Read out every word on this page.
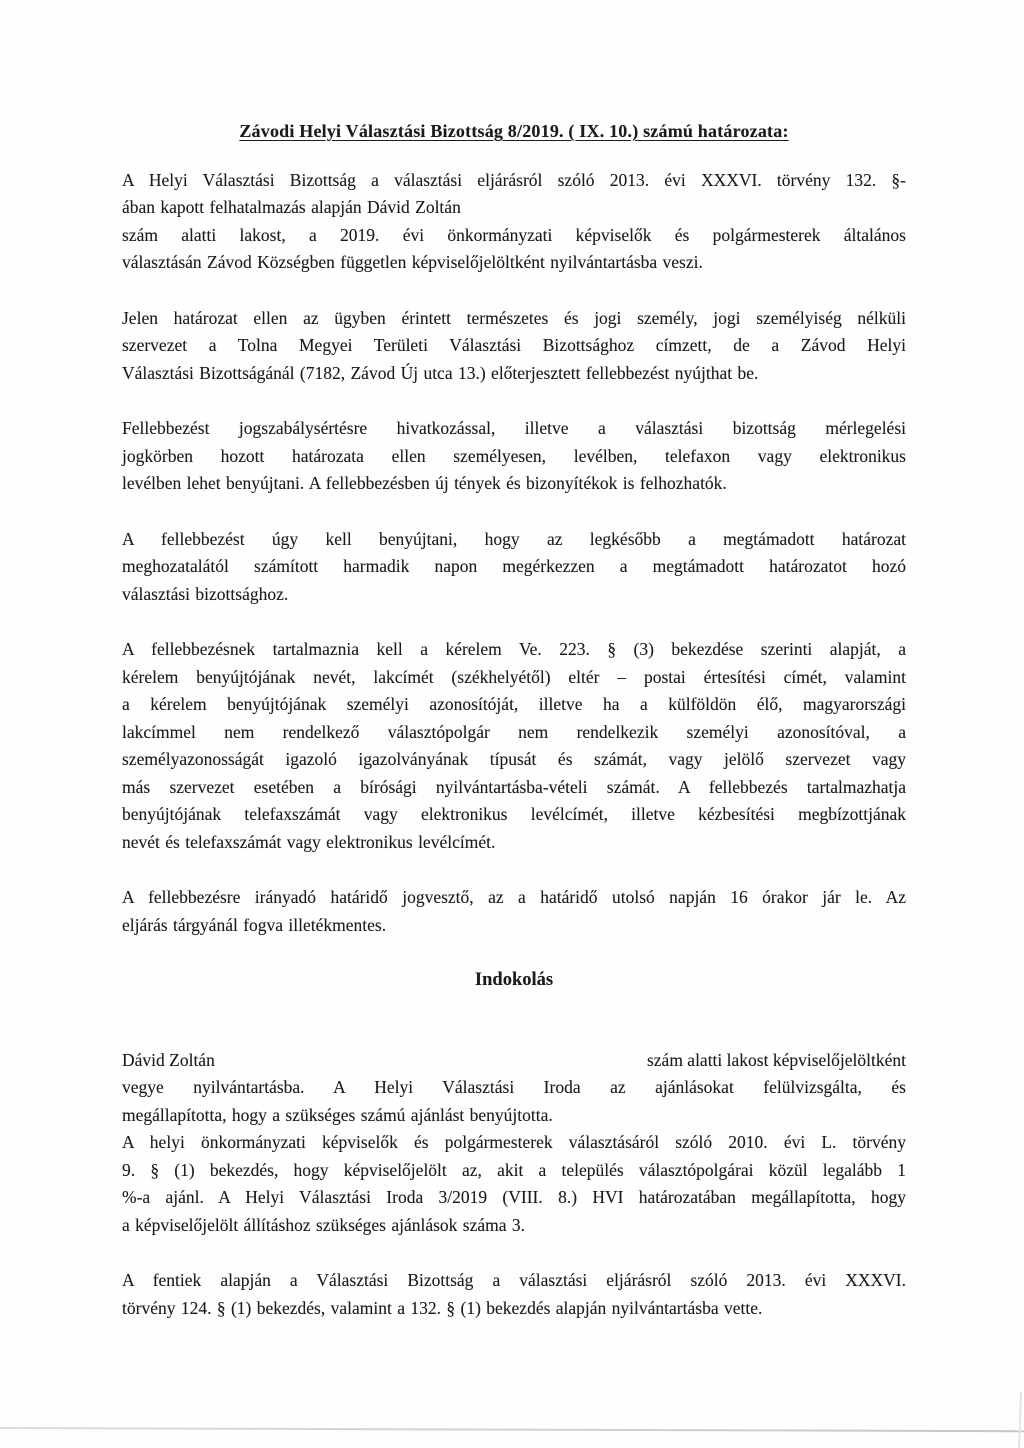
Závodi Helyi Választási Bizottság 8/2019. ( IX. 10.) számú határozata:
A Helyi Választási Bizottság a választási eljárásról szóló 2013. évi XXXVI. törvény 132. §-
ában kapott felhatalmazás alapján Dávid Zoltán
szám alatti lakost, a 2019. évi önkormányzati képviselők és polgármesterek általános
választásán Závod Községben független képviselőjelöltként nyilvántartásba veszi.
Jelen határozat ellen az ügyben érintett természetes és jogi személy, jogi személyiség nélküli
szervezet a Tolna Megyei Területi Választási Bizottsághoz címzett, de a Závod Helyi
Választási Bizottságánál (7182, Závod Új utca 13.) előterjesztett fellebbezést nyújthat be.
Fellebbezést jogszabálysértésre hivatkozással, illetve a választási bizottság mérlegelési
jogkörben hozott határozata ellen személyesen, levélben, telefaxon vagy elektronikus
levélben lehet benyújtani. A fellebbezésben új tények és bizonyítékok is felhozhatók.
A fellebbezést úgy kell benyújtani, hogy az legkésőbb a megtámadott határozat
meghozatalától számított harmadik napon megérkezzen a megtámadott határozatot hozó
választási bizottsághoz.
A fellebbezésnek tartalmaznia kell a kérelem Ve. 223. § (3) bekezdése szerinti alapját, a
kérelem benyújtójának nevét, lakcímét (székhelyétől) eltér – postai értesítési címét, valamint
a kérelem benyújtójának személyi azonosítóját, illetve ha a külföldön élő, magyarországi
lakcímmel nem rendelkező választópolgár nem rendelkezik személyi azonosítóval, a
személyazonosságát igazoló igazolványának típusát és számát, vagy jelölő szervezet vagy
más szervezet esetében a bírósági nyilvántartásba-vételi számát. A fellebbezés tartalmazhatja
benyújtójának telefaxszámát vagy elektronikus levélcímét, illetve kézbesítési megbízottjának
nevét és telefaxszámát vagy elektronikus levélcímét.
A fellebbezésre irányadó határidő jogvesztő, az a határidő utolsó napján 16 órakor jár le. Az
eljárás tárgyánál fogva illetékmentes.
Indokolás
Dávid Zoltán	szám alatti lakost képviselőjelöltként
vegye nyilvántartásba. A Helyi Választási Iroda az ajánlásokat felülvizsgálta, és
megállapította, hogy a szükséges számú ajánlást benyújtotta.
A helyi önkormányzati képviselők és polgármesterek választásáról szóló 2010. évi L. törvény
9. § (1) bekezdés, hogy képviselőjelölt az, akit a település választópolgárai közül legalább 1
%-a ajánl. A Helyi Választási Iroda 3/2019 (VIII. 8.) HVI határozatában megállapította, hogy
a képviselőjelölt állításhoz szükséges ajánlások száma 3.
A fentiek alapján a Választási Bizottság a választási eljárásról szóló 2013. évi XXXVI.
törvény 124. § (1) bekezdés, valamint a 132. § (1) bekezdés alapján nyilvántartásba vette.
